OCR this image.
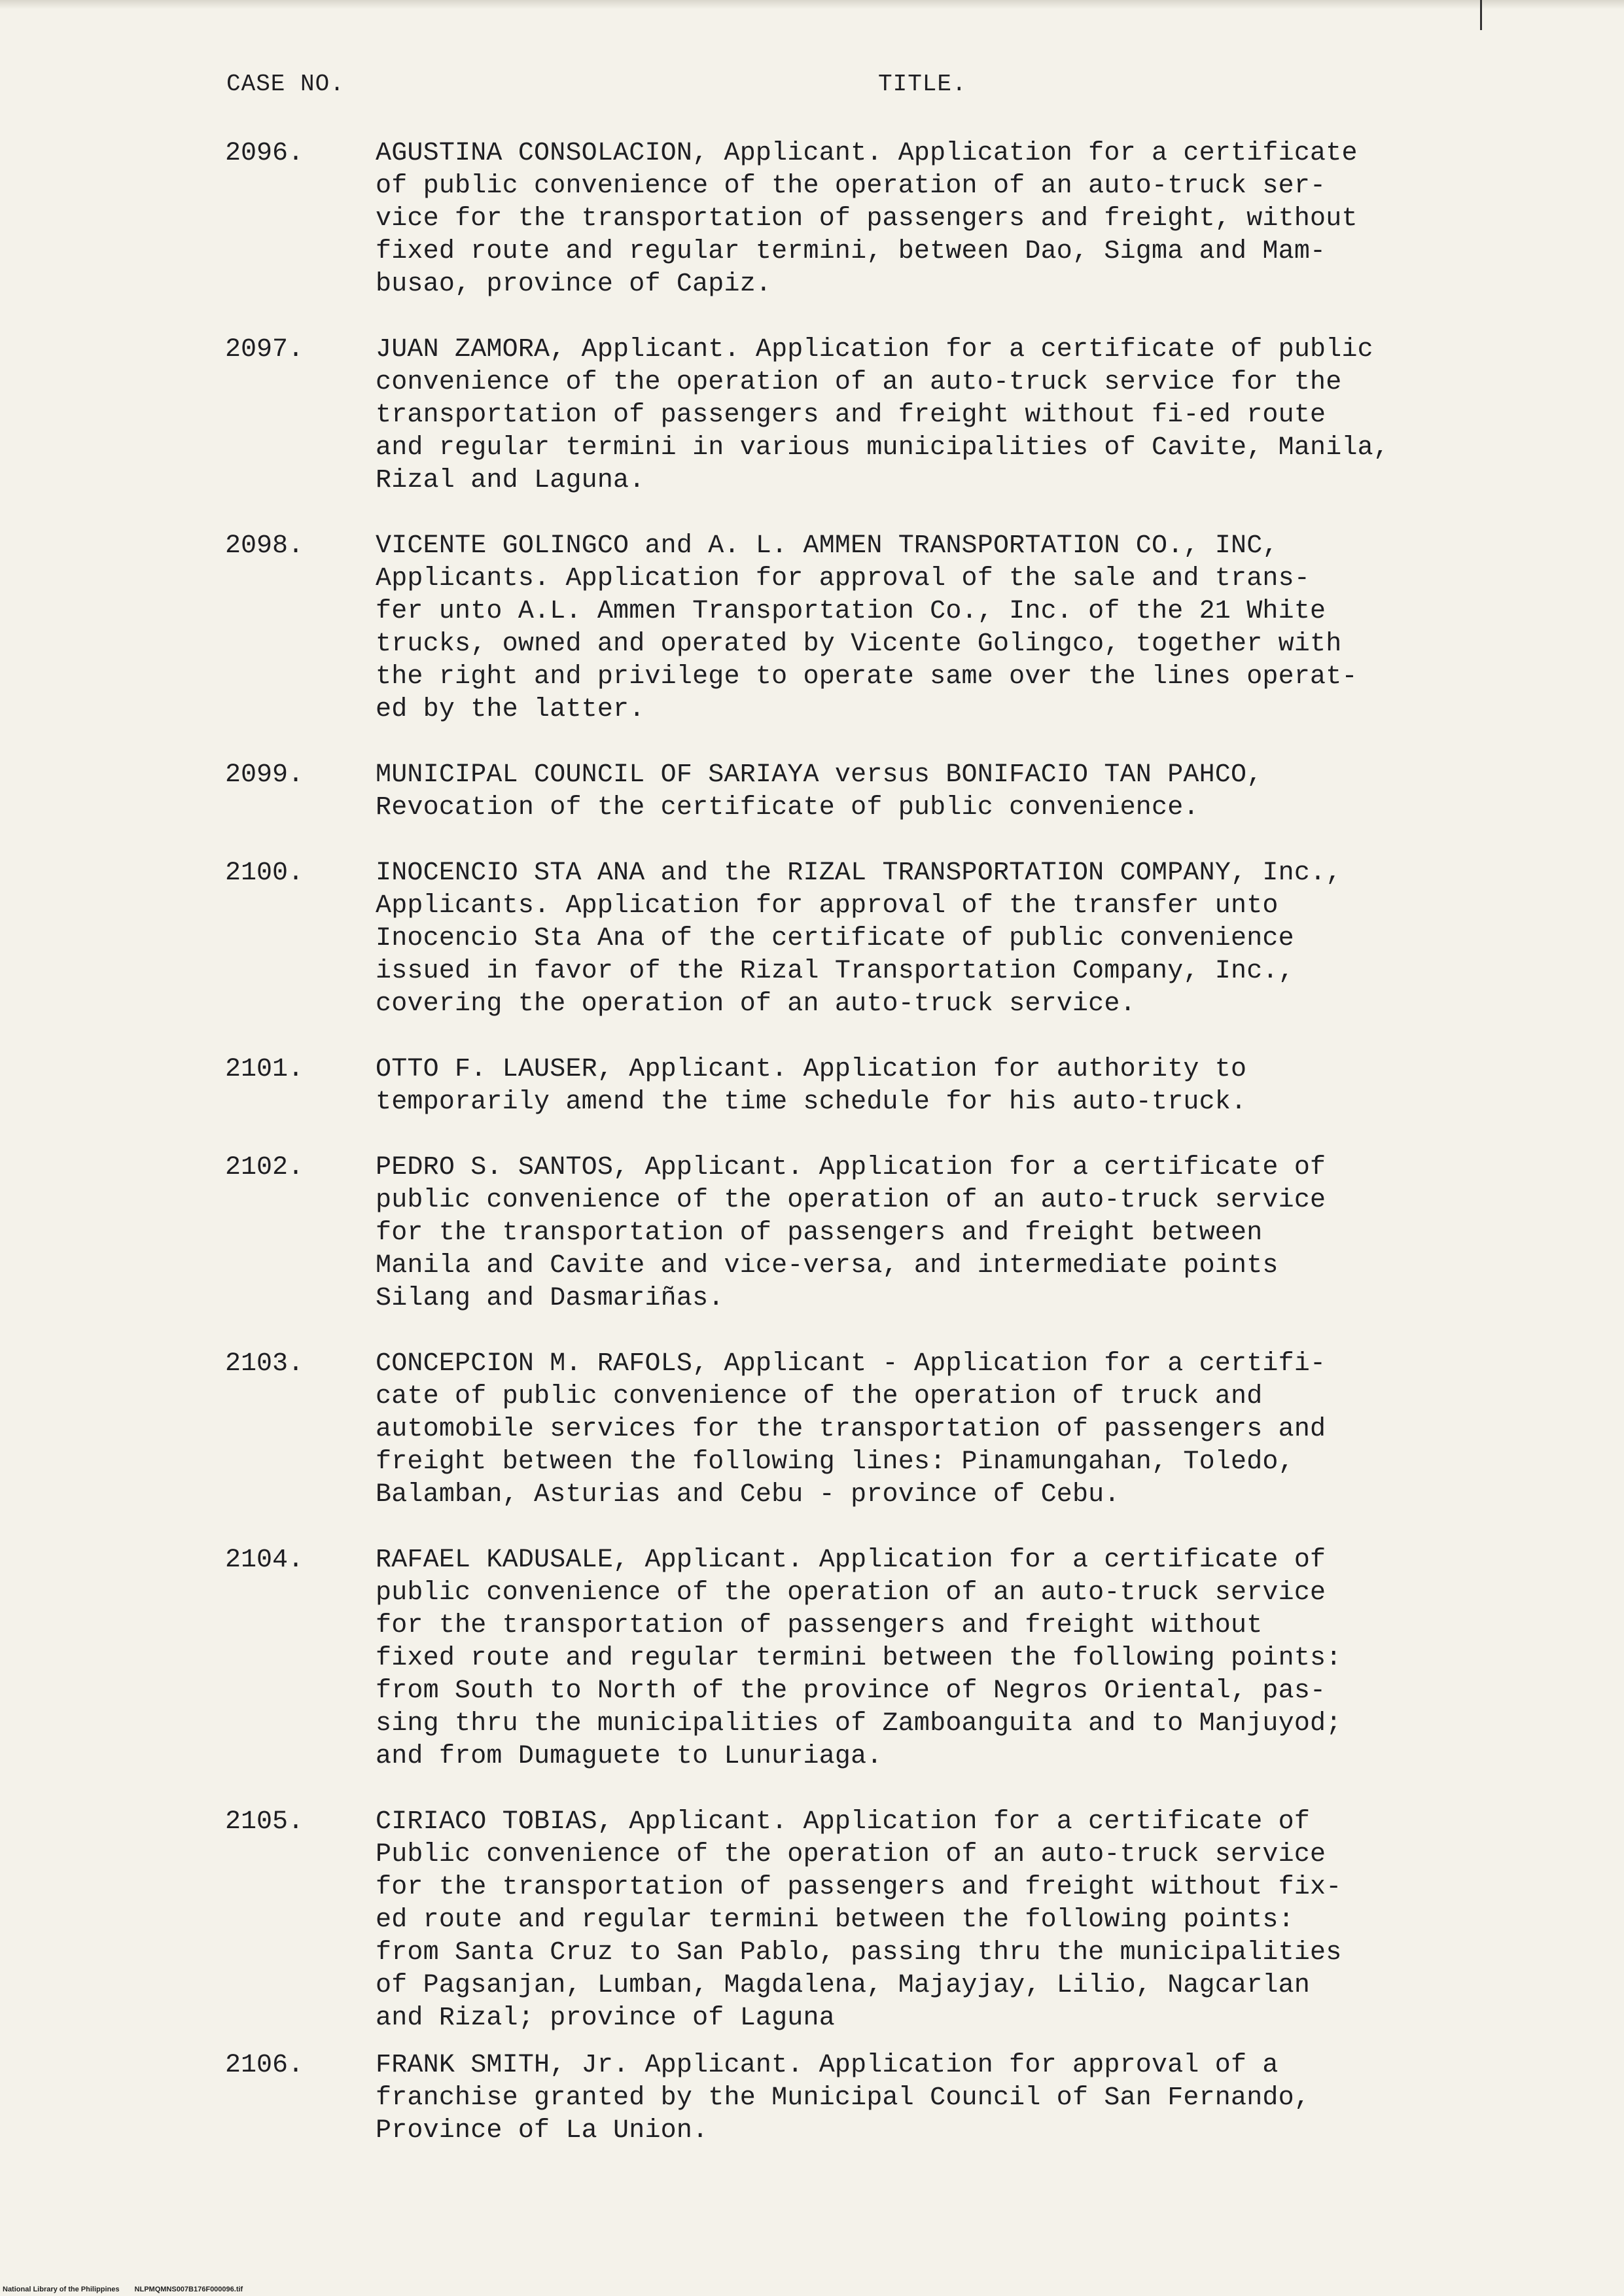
CASE NO.	TITLE.
2096.	AGUSTINA CONSOLACION, Applicant. Application for a certificate
of public convenience of the operation of an auto-truck ser-
vice for the transportation of passengers and freight, without
fixed route and regular termini, between Dao, Sigma and Mam-
busao, province of Capiz.
2097.	JUAN ZAMORA, Applicant. Application for a certificate of public
convenience of the operation of an auto-truck service for the
transportation of passengers and freight without fi-ed route
and regular termini in various municipalities of Cavite, Manila,
Rizal and Laguna.
2098.	VICENTE GOLINGCO and A. L. AMMEN TRANSPORTATION CO., INC,
Applicants. Application for approval of the sale and trans-
fer unto A.L. Ammen Transportation Co., Inc. of the 21 White
trucks, owned and operated by Vicente Golingco, together with
the right and privilege to operate same over the lines operat-
ed by the latter.
2099.	MUNICIPAL COUNCIL OF SARIAYA versus BONIFACIO TAN PAHCO,
Revocation of the certificate of public convenience.
2100.	INOCENCIO STA ANA and the RIZAL TRANSPORTATION COMPANY, Inc.,
Applicants. Application for approval of the transfer unto
Inocencio Sta Ana of the certificate of public convenience
issued in favor of the Rizal Transportation Company, Inc.,
covering the operation of an auto-truck service.
2101.	OTTO F. LAUSER, Applicant. Application for authority to
temporarily amend the time schedule for his auto-truck.
2102.	PEDRO S. SANTOS, Applicant. Application for a certificate of
public convenience of the operation of an auto-truck service
for the transportation of passengers and freight between
Manila and Cavite and vice-versa, and intermediate points
Silang and Dasmariñas.
2103.	CONCEPCION M. RAFOLS, Applicant - Application for a certifi-
cate of public convenience of the operation of truck and
automobile services for the transportation of passengers and
freight between the following lines: Pinamungahan, Toledo,
Balamban, Asturias and Cebu - province of Cebu.
2104.	RAFAEL KADUSALE, Applicant. Application for a certificate of
public convenience of the operation of an auto-truck service
for the transportation of passengers and freight without
fixed route and regular termini between the following points:
from South to North of the province of Negros Oriental, pas-
sing thru the municipalities of Zamboanguita and to Manjuyod;
and from Dumaguete to Lunuriaga.
2105.	CIRIACO TOBIAS, Applicant. Application for a certificate of
Public convenience of the operation of an auto-truck service
for the transportation of passengers and freight without fix-
ed route and regular termini between the following points:
from Santa Cruz to San Pablo, passing thru the municipalities
of Pagsanjan, Lumban, Magdalena, Majayjay, Lilio, Nagcarlan
and Rizal; province of Laguna
2106.	FRANK SMITH, Jr. Applicant. Application for approval of a
franchise granted by the Municipal Council of San Fernando,
Province of La Union.
National Library of the Philippines NLPMQMNS007B176F000096.tif
